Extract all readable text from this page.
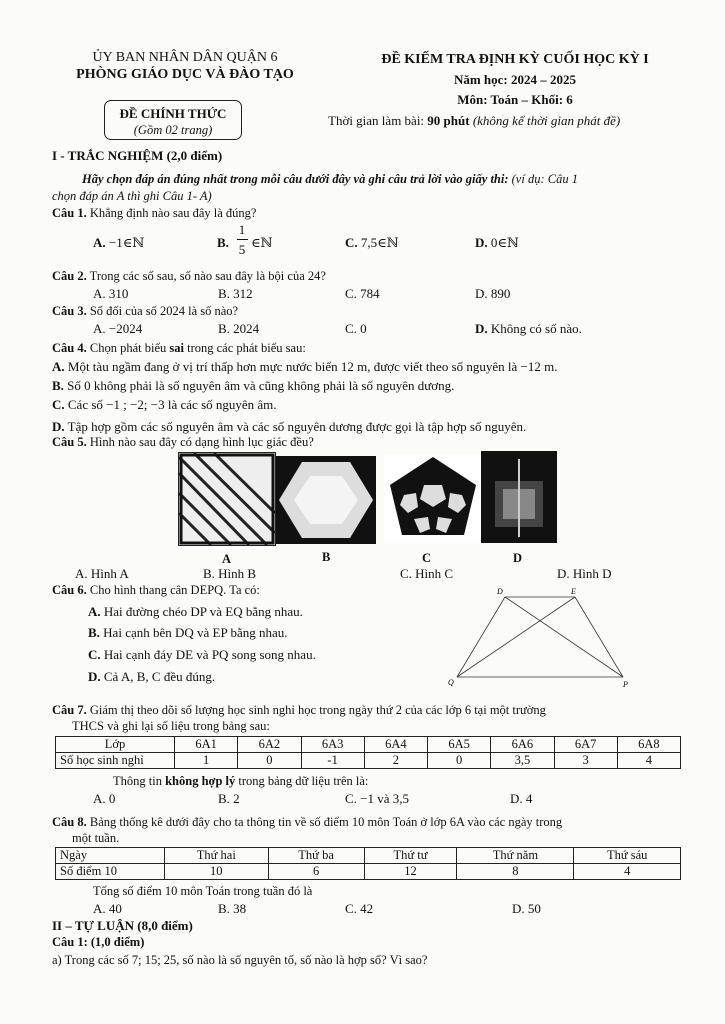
ỦY BAN NHÂN DÂN QUẬN 6
PHÒNG GIÁO DỤC VÀ ĐÀO TẠO
ĐỀ CHÍNH THỨC
(Gồm 02 trang)
ĐỀ KIẾM TRA ĐỊNH KỲ CUỐI HỌC KỲ I
Năm học: 2024 – 2025
Môn: Toán – Khối: 6
Thời gian làm bài: 90 phút (không kể thời gian phát đề)
I - TRẮC NGHIỆM (2,0 điểm)
Hãy chọn đáp án đúng nhất trong mỗi câu dưới đây và ghi câu trả lời vào giấy thi: (ví dụ: Câu 1
chọn đáp án A thì ghi Câu 1- A)
Câu 1. Khẳng định nào sau đây là đúng?
A. −1∈ℕ	B.
1
5 ∈ℕ	C. 7,5∈ℕ	D. 0∈ℕ
Câu 2. Trong các số sau, số nào sau đây là bội của 24?
A. 310	B. 312	C. 784	D. 890
Câu 3. Số đối của số 2024 là số nào?
A. −2024	B. 2024	C. 0	D. Không có số nào.
Câu 4. Chọn phát biểu sai trong các phát biểu sau:
A. Một tàu ngầm đang ở vị trí thấp hơn mực nước biển 12 m, được viết theo số nguyên là −12 m.
B. Số 0 không phải là số nguyên âm và cũng không phải là số nguyên dương.
C. Các số −1 ; −2; −3 là các số nguyên âm.
D. Tập hợp gồm các số nguyên âm và các số nguyên dương được gọi là tập hợp số nguyên.
Câu 5. Hình nào sau đây có dạng hình lục giác đều?
A	B	C	D
A. Hình A	B. Hình B	C. Hình C	D. Hình D
Câu 6. Cho hình thang cân DEPQ. Ta có:
A. Hai đường chéo DP và EQ bằng nhau.
B. Hai cạnh bên DQ và EP bằng nhau.
C. Hai cạnh đáy DE và PQ song song nhau.
D. Cả A, B, C đều đúng.
D	E
Q	P
Câu 7. Giám thị theo dõi số lượng học sinh nghỉ học trong ngày thứ 2 của các lớp 6 tại một trường
THCS và ghi lại số liệu trong bảng sau:
Lớp	6A1	6A2	6A3	6A4	6A5	6A6	6A7	6A8
Số học sinh nghỉ	1	0	-1	2	0	3,5	3	4
Thông tin không hợp lý trong bảng dữ liệu trên là:
A. 0	B. 2	C. −1 và 3,5	D. 4
Câu 8. Bảng thống kê dưới đây cho ta thông tin về số điểm 10 môn Toán ở lớp 6A vào các ngày trong
một tuần.
Ngày	Thứ hai	Thứ ba	Thứ tư	Thứ năm	Thứ sáu
Số điểm 10	10	6	12	8	4
Tổng số điểm 10 môn Toán trong tuần đó là
A. 40	B. 38	C. 42	D. 50
II – TỰ LUẬN (8,0 điểm)
Câu 1: (1,0 điểm)
a) Trong các số 7; 15; 25, số nào là số nguyên tố, số nào là hợp số? Vì sao?
